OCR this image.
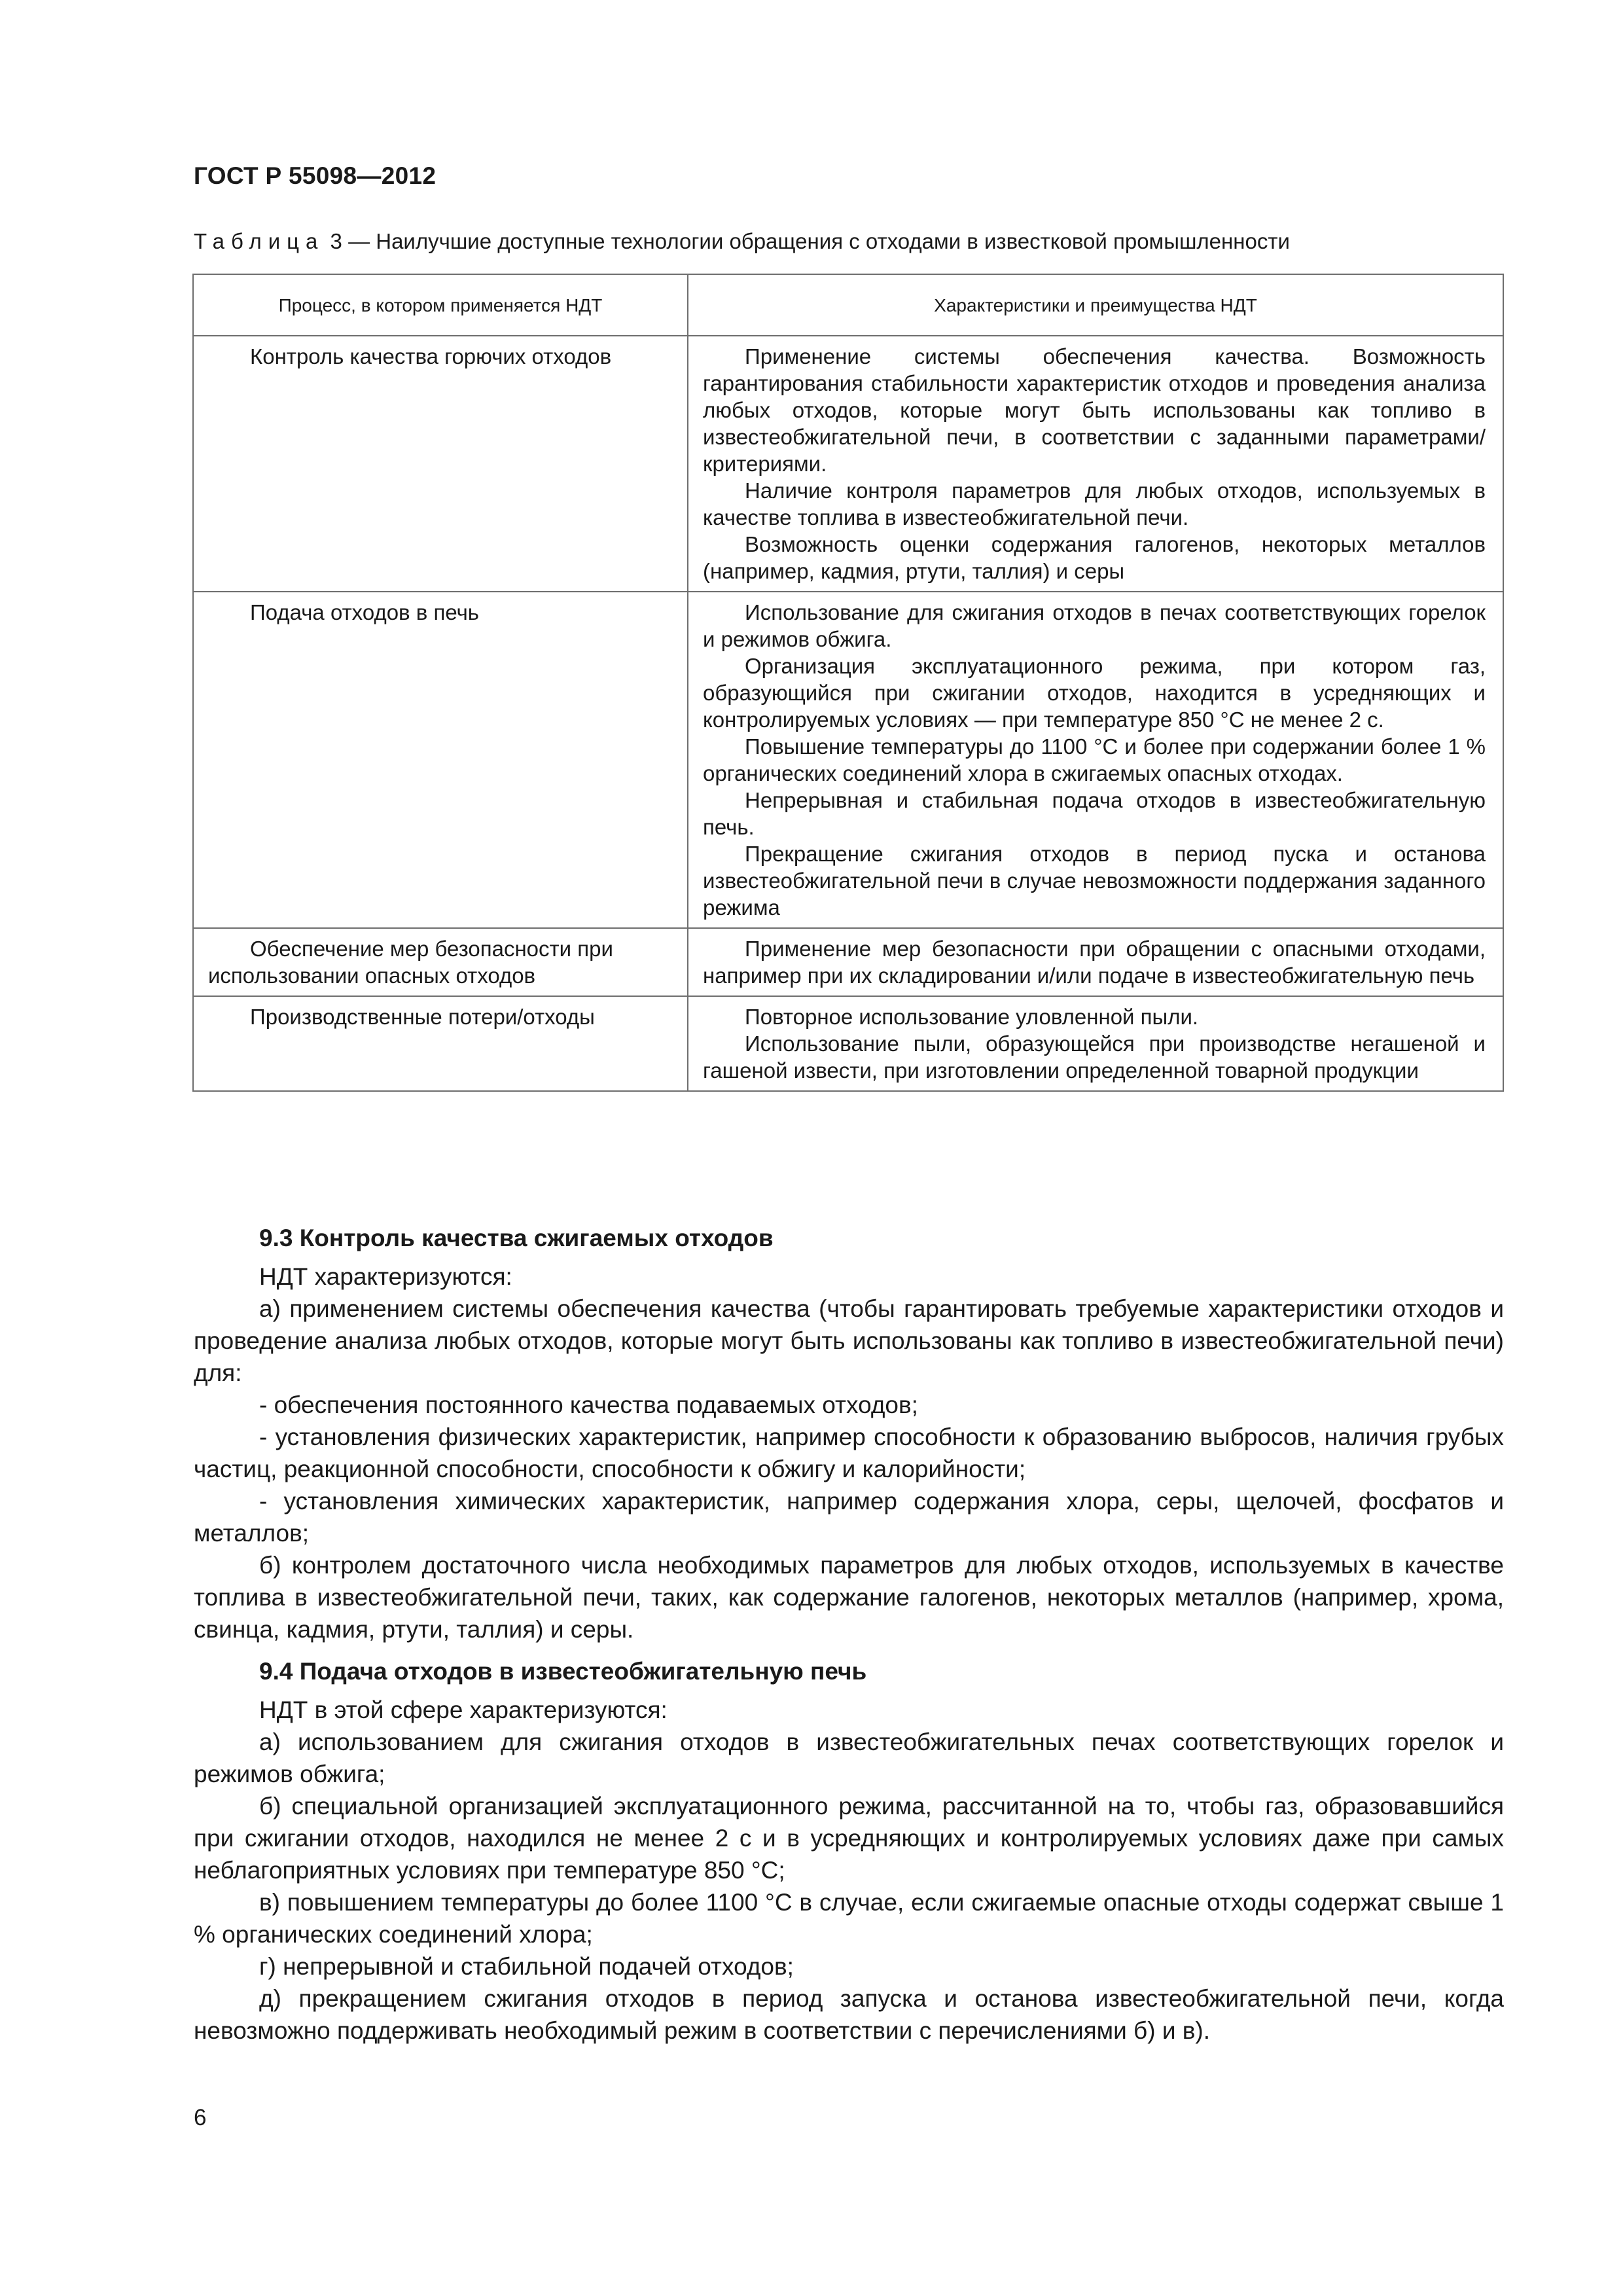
ГОСТ Р 55098—2012
Таблица 3 — Наилучшие доступные технологии обращения с отходами в известковой промышленности
Процесс, в котором применяется НДТ	Характеристики и преимущества НДТ

Контроль качества горючих отходов	Применение системы обеспечения качества. Возможность гарантирования стабильности характеристик отходов и проведения анализа любых отходов, которые могут быть использованы как топливо в известеобжигательной печи, в соответствии с заданными параметрами/критериями.

Наличие контроля параметров для любых отходов, используемых в качестве топлива в известеобжигательной печи.

Возможность оценки содержания галогенов, некоторых металлов (например, кадмия, ртути, таллия) и серы

Подача отходов в печь	Использование для сжигания отходов в печах соответствующих горелок и режимов обжига.

Организация эксплуатационного режима, при котором газ, образующийся при сжигании отходов, находится в усредняющих и контролируемых условиях — при температуре 850 °С не менее 2 с.

Повышение температуры до 1100 °С и более при содержании более 1 % органических соединений хлора в сжигаемых опасных отходах.

Непрерывная и стабильная подача отходов в известеобжигательную печь.

Прекращение сжигания отходов в период пуска и останова известеобжигательной печи в случае невозможности поддержания заданного режима

Обеспечение мер безопасности при использовании опасных отходов	Применение мер безопасности при обращении с опасными отходами, например при их складировании и/или подаче в известеобжигательную печь

Производственные потери/отходы	Повторное использование уловленной пыли.

Использование пыли, образующейся при производстве негашеной и гашеной извести, при изготовлении определенной товарной продукции

9.3 Контроль качества сжигаемых отходов

НДТ характеризуются:

а) применением системы обеспечения качества (чтобы гарантировать требуемые характеристики отходов и проведение анализа любых отходов, которые могут быть использованы как топливо в известеобжигательной печи) для:

- обеспечения постоянного качества подаваемых отходов;

- установления физических характеристик, например способности к образованию выбросов, наличия грубых частиц, реакционной способности, способности к обжигу и калорийности;

- установления химических характеристик, например содержания хлора, серы, щелочей, фосфатов и металлов;

б) контролем достаточного числа необходимых параметров для любых отходов, используемых в качестве топлива в известеобжигательной печи, таких, как содержание галогенов, некоторых металлов (например, хрома, свинца, кадмия, ртути, таллия) и серы.

9.4 Подача отходов в известеобжигательную печь

НДТ в этой сфере характеризуются:

а) использованием для сжигания отходов в известеобжигательных печах соответствующих горелок и режимов обжига;

б) специальной организацией эксплуатационного режима, рассчитанной на то, чтобы газ, образовавшийся при сжигании отходов, находился не менее 2 с и в усредняющих и контролируемых условиях даже при самых неблагоприятных условиях при температуре 850 °С;

в) повышением температуры до более 1100 °С в случае, если сжигаемые опасные отходы содержат свыше 1 % органических соединений хлора;

г) непрерывной и стабильной подачей отходов;

д) прекращением сжигания отходов в период запуска и останова известеобжигательной печи, когда невозможно поддерживать необходимый режим в соответствии с перечислениями б) и в).

6
